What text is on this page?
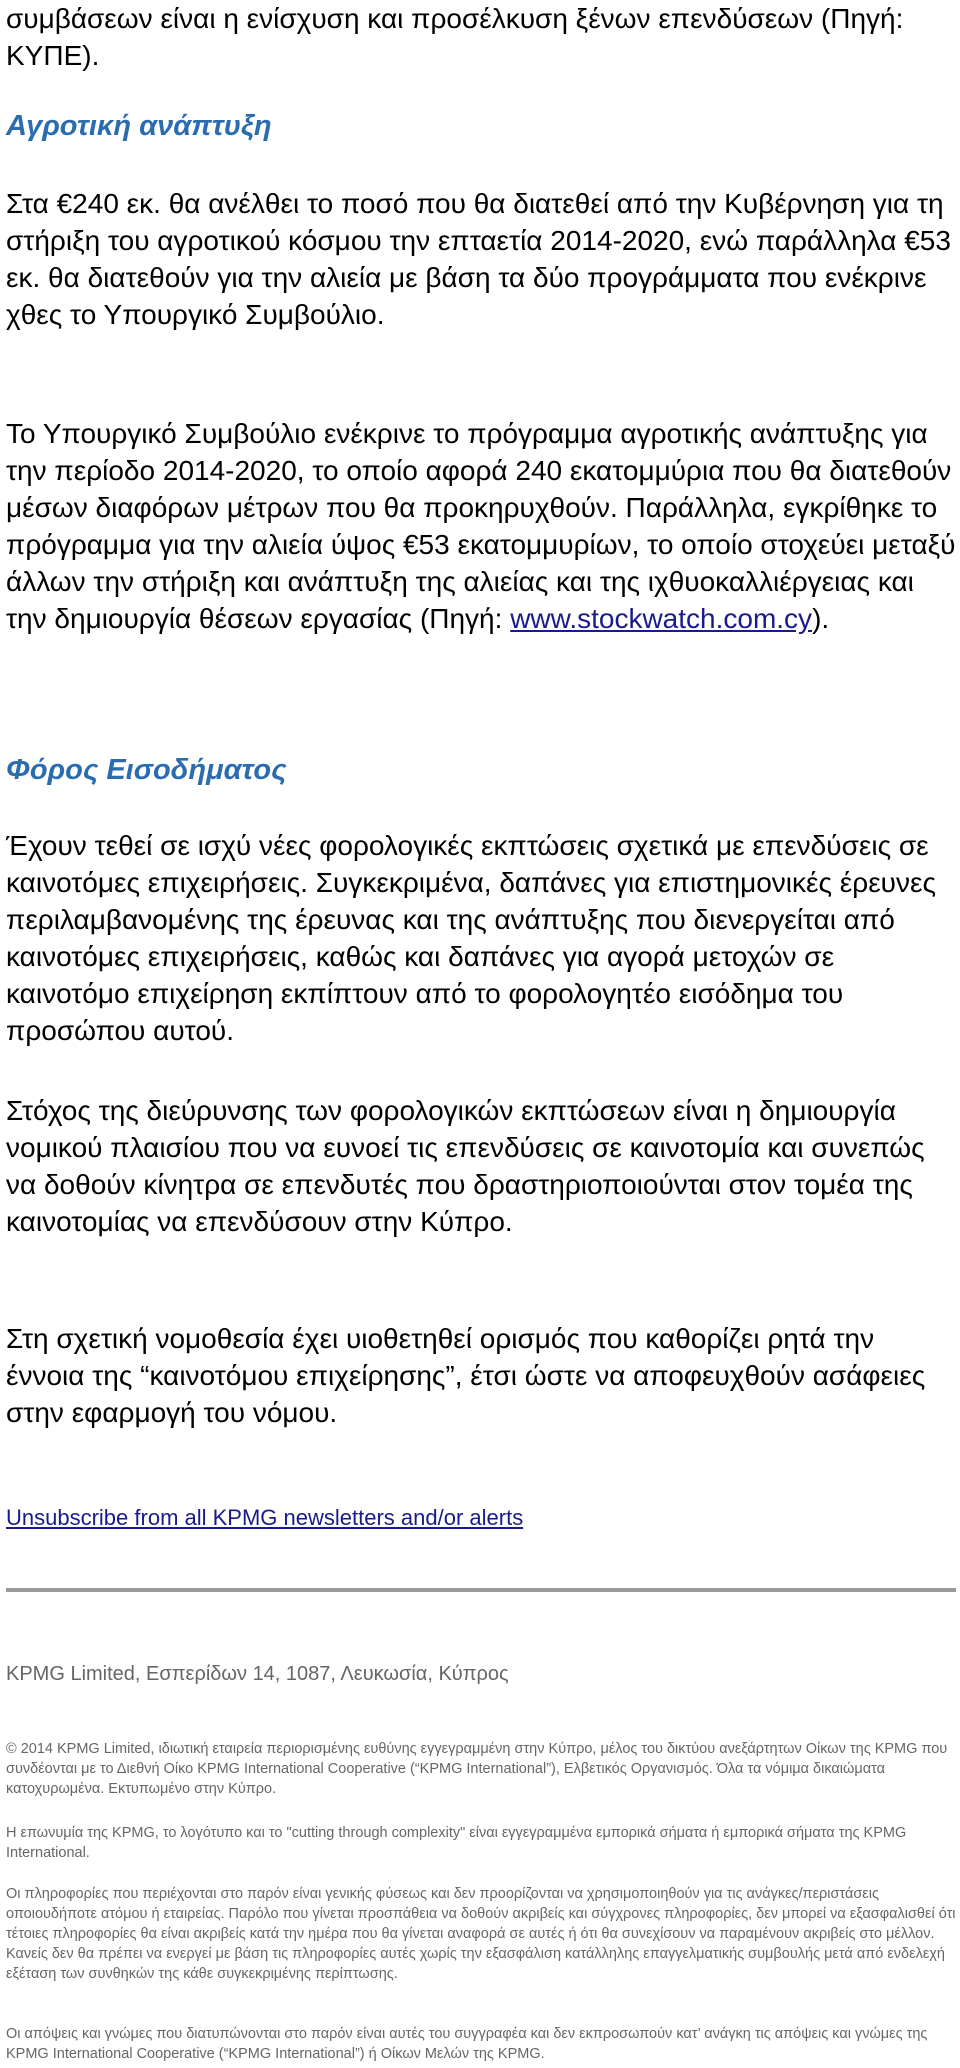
συμβάσεων είναι η ενίσχυση και προσέλκυση ξένων επενδύσεων (Πηγή: ΚΥΠΕ).

Αγροτική ανάπτυξη

Στα €240 εκ. θα ανέλθει το ποσό που θα διατεθεί από την Κυβέρνηση για τη στήριξη του αγροτικού κόσμου την επταετία 2014-2020, ενώ παράλληλα €53 εκ. θα διατεθούν για την αλιεία με βάση τα δύο προγράμματα που ενέκρινε χθες το Υπουργικό Συμβούλιο.

Το Υπουργικό Συμβούλιο ενέκρινε το πρόγραμμα αγροτικής ανάπτυξης για την περίοδο 2014-2020, το οποίο αφορά 240 εκατομμύρια που θα διατεθούν μέσων διαφόρων μέτρων που θα προκηρυχθούν. Παράλληλα, εγκρίθηκε το πρόγραμμα για την αλιεία ύψος €53 εκατομμυρίων, το οποίο στοχεύει μεταξύ άλλων την στήριξη και ανάπτυξη της αλιείας και της ιχθυοκαλλιέργειας και την δημιουργία θέσεων εργασίας (Πηγή: www.stockwatch.com.cy).

Φόρος Εισοδήματος

Έχουν τεθεί σε ισχύ νέες φορολογικές εκπτώσεις σχετικά με επενδύσεις σε καινοτόμες επιχειρήσεις. Συγκεκριμένα, δαπάνες για επιστημονικές έρευνες περιλαμβανομένης της έρευνας και της ανάπτυξης που διενεργείται από καινοτόμες επιχειρήσεις, καθώς και δαπάνες για αγορά μετοχών σε καινοτόμο επιχείρηση εκπίπτουν από το φορολογητέο εισόδημα του προσώπου αυτού.

Στόχος της διεύρυνσης των φορολογικών εκπτώσεων είναι η δημιουργία νομικού πλαισίου που να ευνοεί τις επενδύσεις σε καινοτομία και συνεπώς να δοθούν κίνητρα σε επενδυτές που δραστηριοποιούνται στον τομέα της καινοτομίας να επενδύσουν στην Κύπρο.

Στη σχετική νομοθεσία έχει υιοθετηθεί ορισμός που καθορίζει ρητά την έννοια της “καινοτόμου επιχείρησης”, έτσι ώστε να αποφευχθούν ασάφειες στην εφαρμογή του νόμου.

Unsubscribe from all KPMG newsletters and/or alerts
KPMG Limited, Εσπερίδων 14, 1087, Λευκωσία, Κύπρος

© 2014 KPMG Limited, ιδιωτική εταιρεία περιορισμένης ευθύνης εγγεγραμμένη στην Κύπρο, μέλος του δικτύου ανεξάρτητων Οίκων της KPMG που συνδέονται με το Διεθνή Οίκο KPMG International Cooperative (“KPMG International”), Ελβετικός Οργανισμός. Όλα τα νόμιμα δικαιώματα κατοχυρωμένα. Εκτυπωμένο στην Κύπρο.

Η επωνυμία της KPMG, το λογότυπο και το "cutting through complexity" είναι εγγεγραμμένα εμπορικά σήματα ή εμπορικά σήματα της KPMG International.

Οι πληροφορίες που περιέχονται στο παρόν είναι γενικής φύσεως και δεν προορίζονται να χρησιμοποιηθούν για τις ανάγκες/περιστάσεις οποιουδήποτε ατόμου ή εταιρείας. Παρόλο που γίνεται προσπάθεια να δοθούν ακριβείς και σύγχρονες πληροφορίες, δεν μπορεί να εξασφαλισθεί ότι τέτοιες πληροφορίες θα είναι ακριβείς κατά την ημέρα που θα γίνεται αναφορά σε αυτές ή ότι θα συνεχίσουν να παραμένουν ακριβείς στο μέλλον. Κανείς δεν θα πρέπει να ενεργεί με βάση τις πληροφορίες αυτές χωρίς την εξασφάλιση κατάλληλης επαγγελματικής συμβουλής μετά από ενδελεχή εξέταση των συνθηκών της κάθε συγκεκριμένης περίπτωσης.

Οι απόψεις και γνώμες που διατυπώνονται στο παρόν είναι αυτές του συγγραφέα και δεν εκπροσωπούν κατ’ ανάγκη τις απόψεις και γνώμες της KPMG International Cooperative (“KPMG International”) ή Οίκων Μελών της KPMG.
